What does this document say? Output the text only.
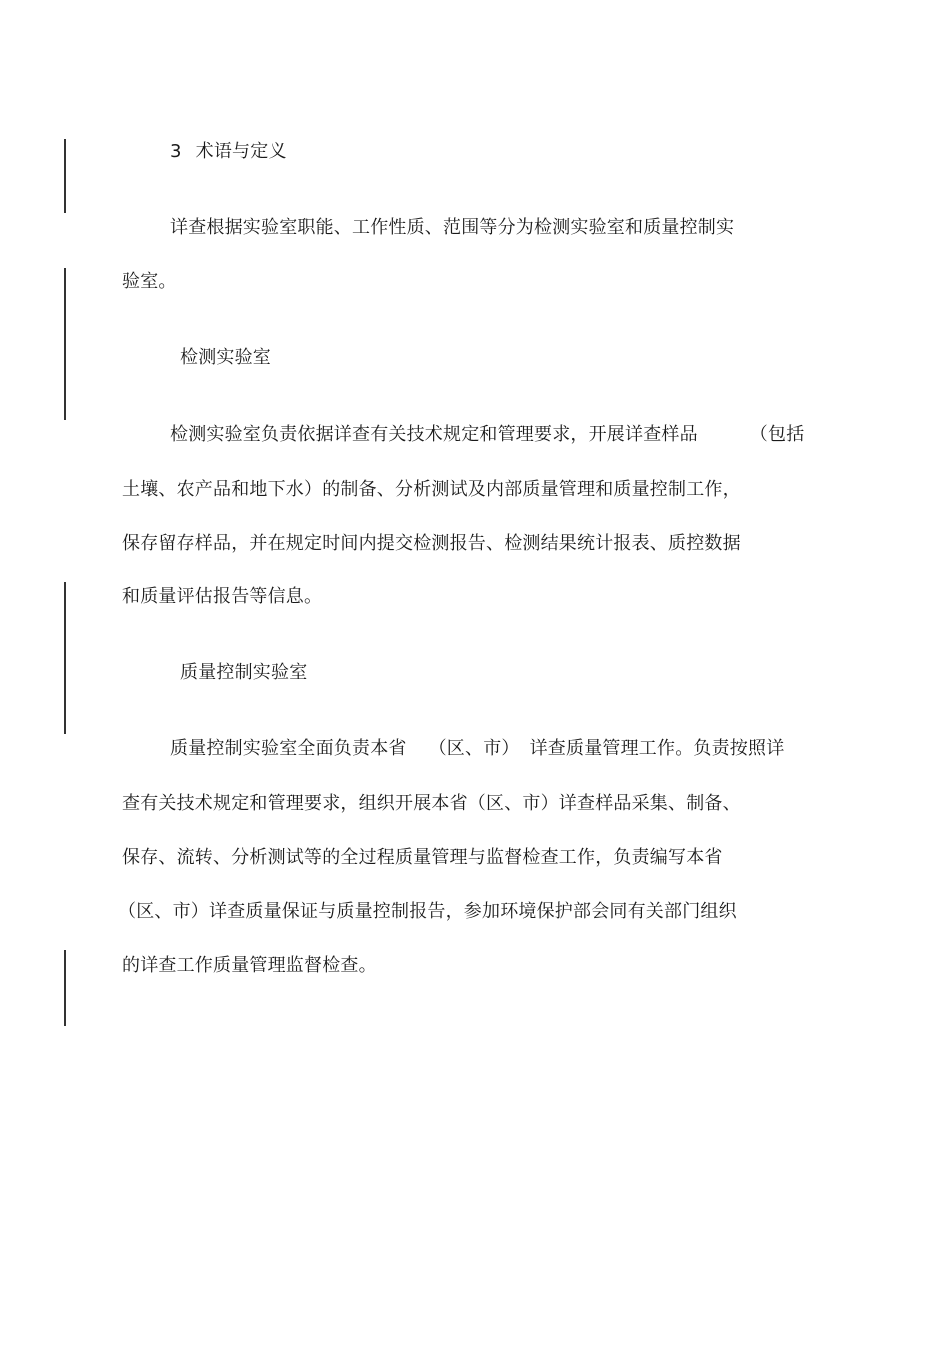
3 术语与定义
详查根据实验室职能、工作性质、范围等分为检测实验室和质量控制实
验室。
检测实验室
检测实验室负责依据详查有关技术规定和管理要求，开展详查样品	（包括
土壤、农产品和地下水）的制备、分析测试及内部质量管理和质量控制工作，
保存留存样品，并在规定时间内提交检测报告、检测结果统计报表、质控数据
和质量评估报告等信息。
质量控制实验室
质量控制实验室全面负责本省 （区、市） 详查质量管理工作。负责按照详
查有关技术规定和管理要求，组织开展本省（区、市）详查样品采集、制备、
保存、流转、分析测试等的全过程质量管理与监督检查工作，负责编写本省
（区、市）详查质量保证与质量控制报告，参加环境保护部会同有关部门组织
的详查工作质量管理监督检查。
